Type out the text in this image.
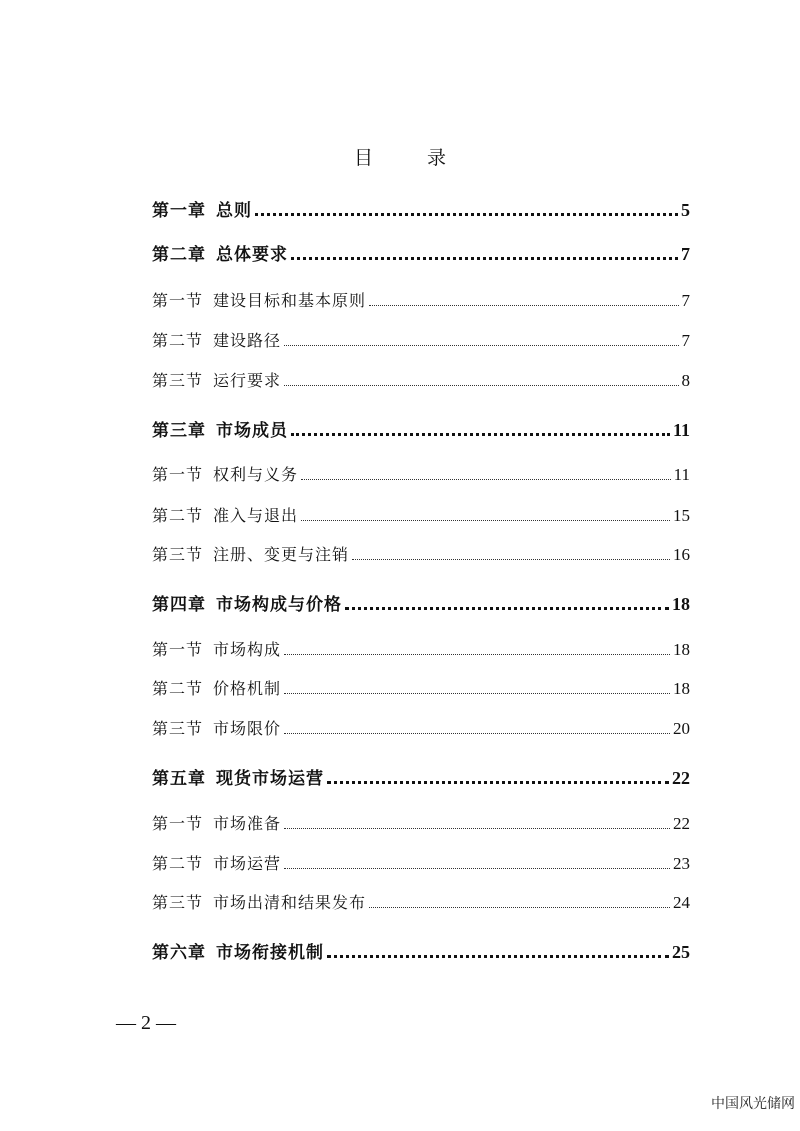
目 录
第一章 总则	5
第二章 总体要求	7
第一节 建设目标和基本原则	7
第二节 建设路径	7
第三节 运行要求	8
第三章 市场成员	11
第一节 权利与义务	11
第二节 准入与退出	15
第三节 注册、变更与注销	16
第四章 市场构成与价格	18
第一节 市场构成	18
第二节 价格机制	18
第三节 市场限价	20
第五章 现货市场运营	22
第一节 市场准备	22
第二节 市场运营	23
第三节 市场出清和结果发布	24
第六章 市场衔接机制	25
— 2 —
中国风光储网
